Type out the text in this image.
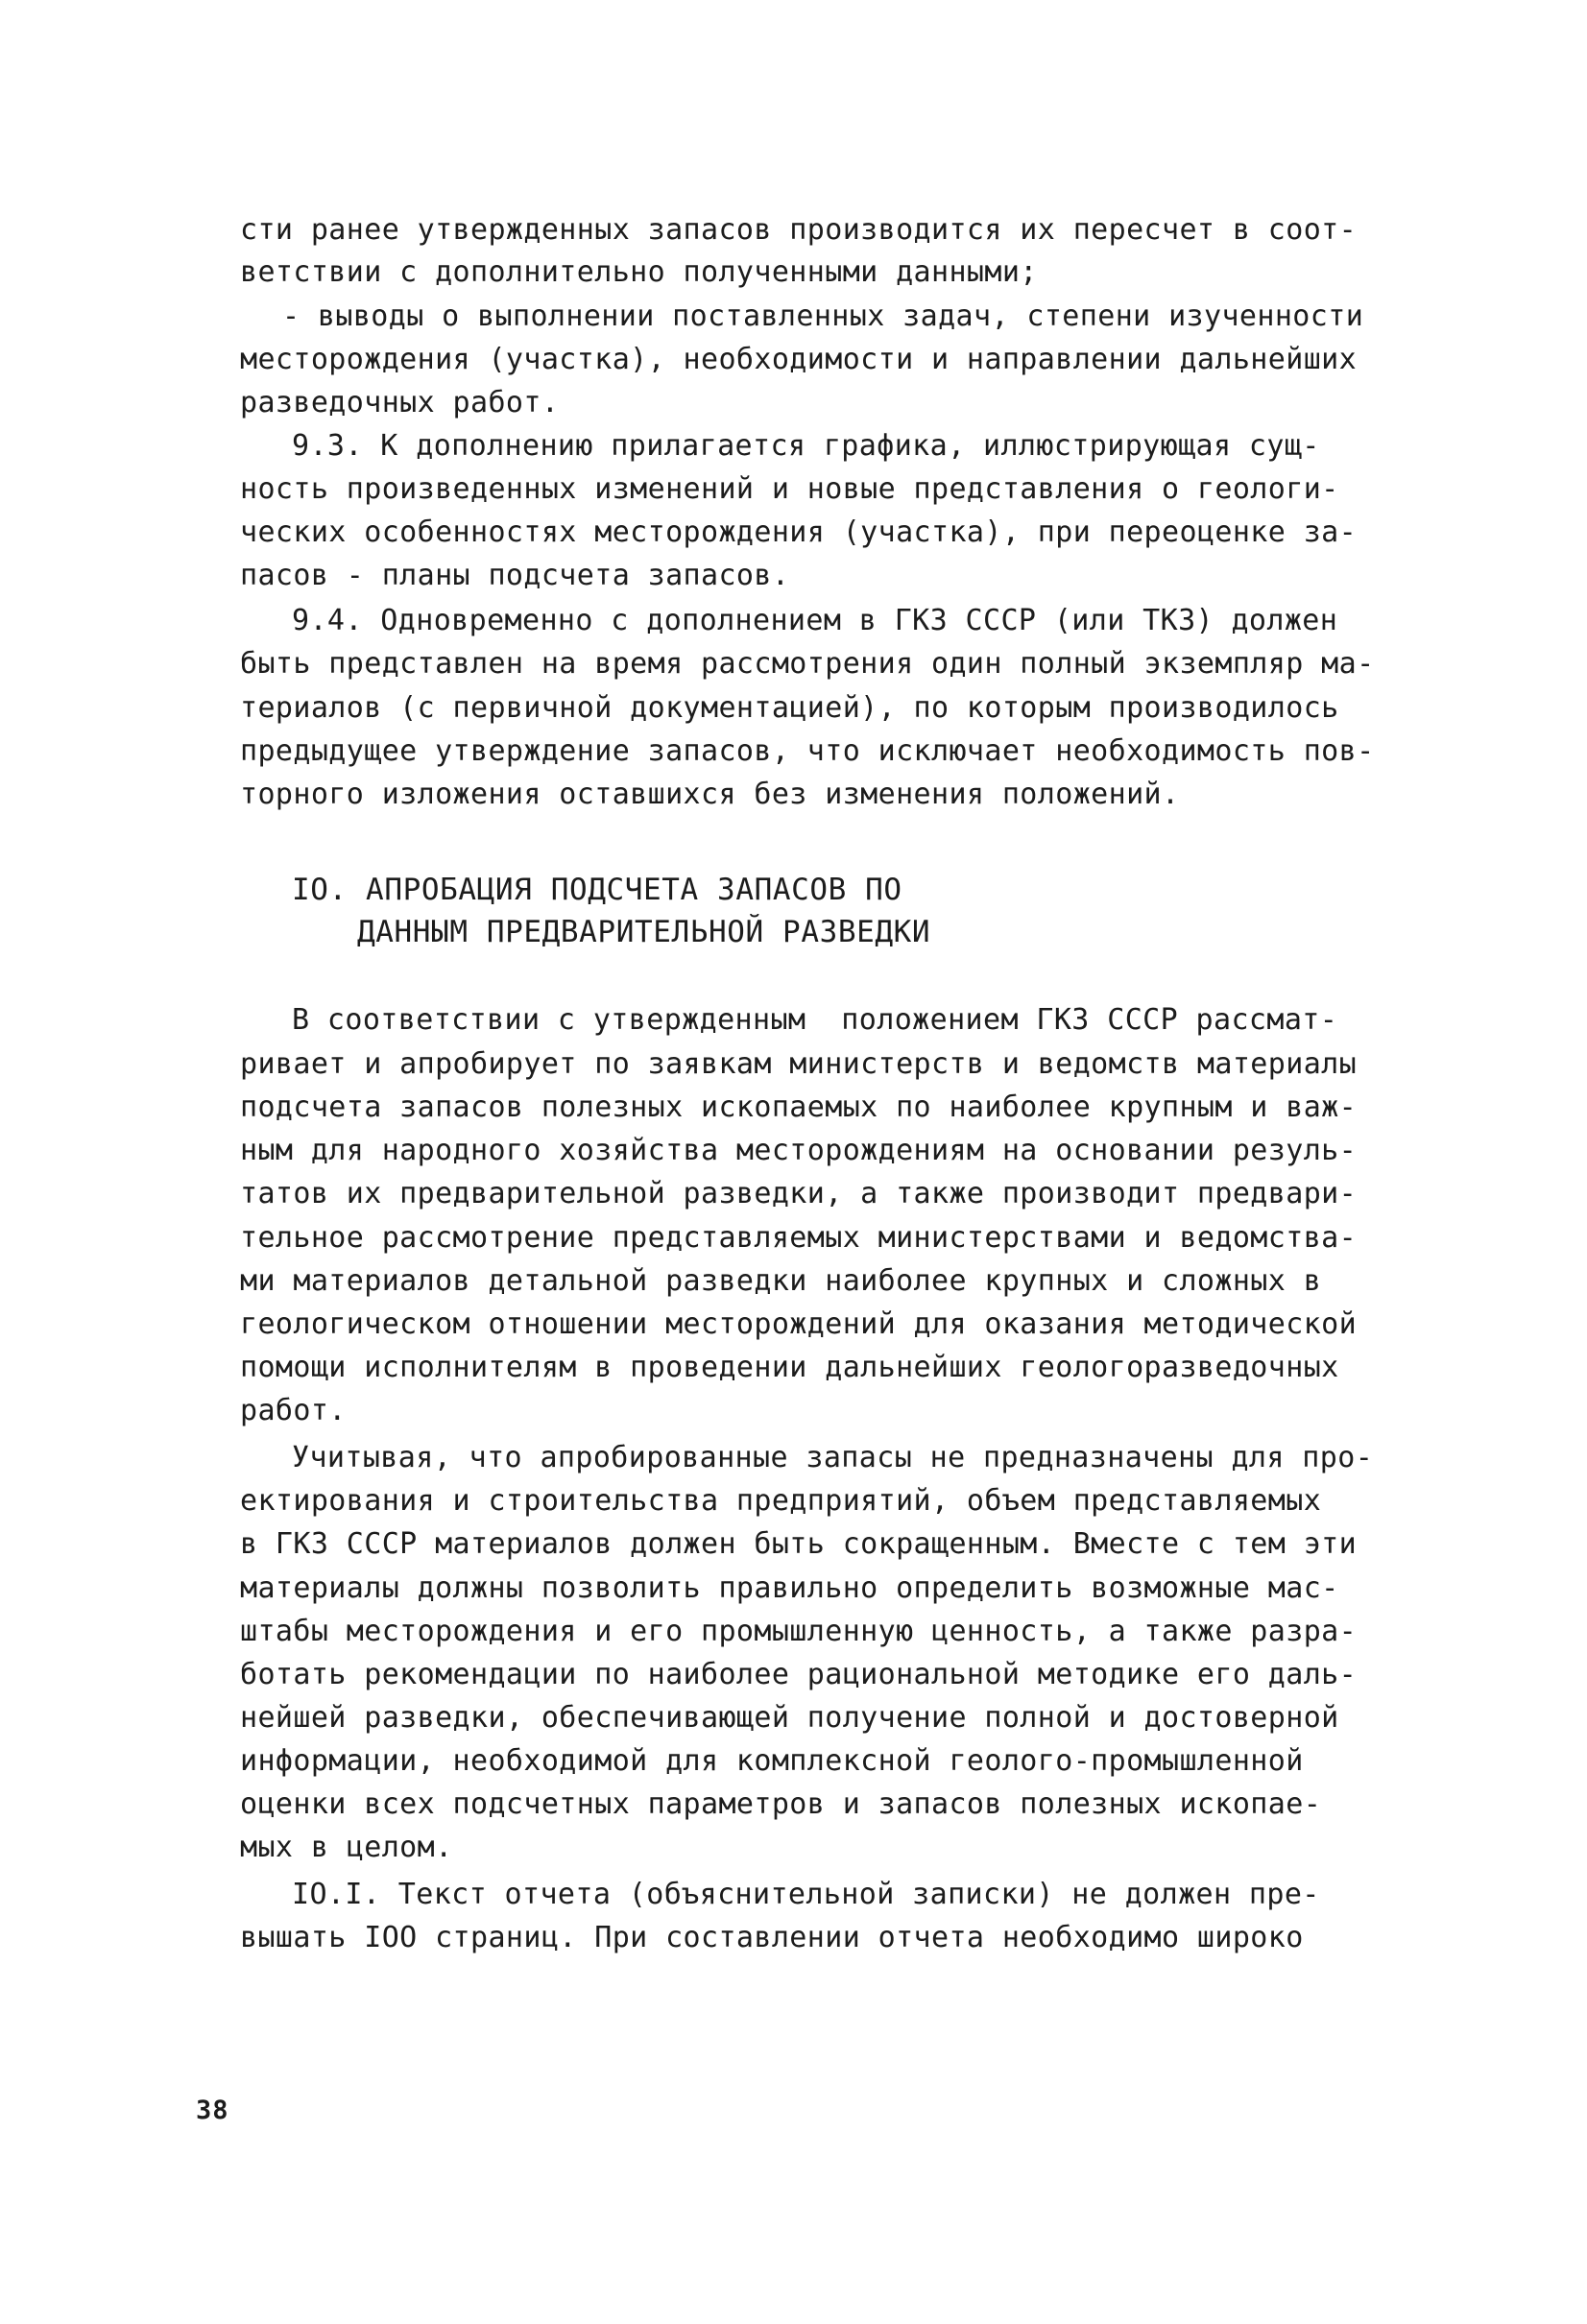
сти ранее утвержденных запасов производится их пересчет в соот-
ветствии с дополнительно полученными данными;
- выводы о выполнении поставленных задач, степени изученности
месторождения (участка), необходимости и направлении дальнейших
разведочных работ.
9.3. К дополнению прилагается графика, иллюстрирующая сущ-
ность произведенных изменений и новые представления о геологи-
ческих особенностях месторождения (участка), при переоценке за-
пасов - планы подсчета запасов.
9.4. Одновременно с дополнением в ГКЗ СССР (или ТКЗ) должен
быть представлен на время рассмотрения один полный экземпляр ма-
териалов (с первичной документацией), по которым производилось
предыдущее утверждение запасов, что исключает необходимость пов-
торного изложения оставшихся без изменения положений.
IO. АПРОБАЦИЯ ПОДСЧЕТА ЗАПАСОВ ПО
ДАННЫМ ПРЕДВАРИТЕЛЬНОЙ РАЗВЕДКИ
В соответствии с утвержденным  положением ГКЗ СССР рассмат-
ривает и апробирует по заявкам министерств и ведомств материалы
подсчета запасов полезных ископаемых по наиболее крупным и важ-
ным для народного хозяйства месторождениям на основании резуль-
татов их предварительной разведки, а также производит предвари-
тельное рассмотрение представляемых министерствами и ведомства-
ми материалов детальной разведки наиболее крупных и сложных в
геологическом отношении месторождений для оказания методической
помощи исполнителям в проведении дальнейших геологоразведочных
работ.
Учитывая, что апробированные запасы не предназначены для про-
ектирования и строительства предприятий, объем представляемых
в ГКЗ СССР материалов должен быть сокращенным. Вместе с тем эти
материалы должны позволить правильно определить возможные мас-
штабы месторождения и его промышленную ценность, а также разра-
ботать рекомендации по наиболее рациональной методике его даль-
нейшей разведки, обеспечивающей получение полной и достоверной
информации, необходимой для комплексной геолого-промышленной
оценки всех подсчетных параметров и запасов полезных ископае-
мых в целом.
IO.I. Текст отчета (объяснительной записки) не должен пре-
вышать IOO страниц. При составлении отчета необходимо широко
38
